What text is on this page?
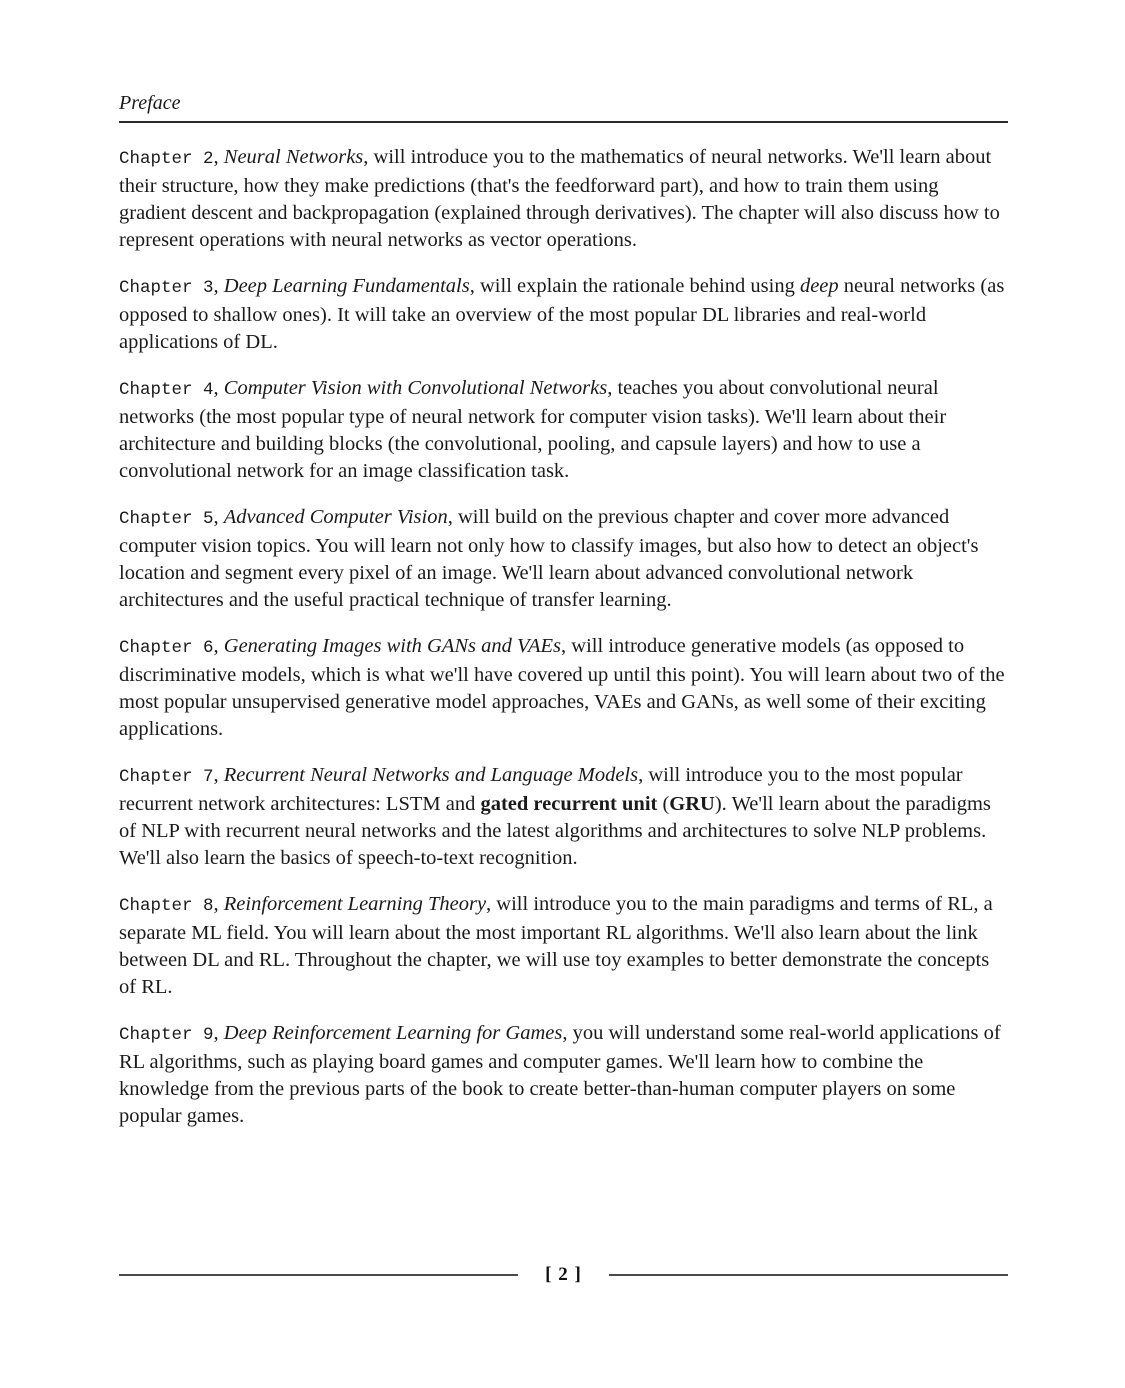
Preface

Chapter 2, Neural Networks, will introduce you to the mathematics of neural networks. We'll learn about their structure, how they make predictions (that's the feedforward part), and how to train them using gradient descent and backpropagation (explained through derivatives). The chapter will also discuss how to represent operations with neural networks as vector operations.

Chapter 3, Deep Learning Fundamentals, will explain the rationale behind using deep neural networks (as opposed to shallow ones). It will take an overview of the most popular DL libraries and real-world applications of DL.

Chapter 4, Computer Vision with Convolutional Networks, teaches you about convolutional neural networks (the most popular type of neural network for computer vision tasks). We'll learn about their architecture and building blocks (the convolutional, pooling, and capsule layers) and how to use a convolutional network for an image classification task.

Chapter 5, Advanced Computer Vision, will build on the previous chapter and cover more advanced computer vision topics. You will learn not only how to classify images, but also how to detect an object's location and segment every pixel of an image. We'll learn about advanced convolutional network architectures and the useful practical technique of transfer learning.

Chapter 6, Generating Images with GANs and VAEs, will introduce generative models (as opposed to discriminative models, which is what we'll have covered up until this point). You will learn about two of the most popular unsupervised generative model approaches, VAEs and GANs, as well some of their exciting applications.

Chapter 7, Recurrent Neural Networks and Language Models, will introduce you to the most popular recurrent network architectures: LSTM and gated recurrent unit (GRU). We'll learn about the paradigms of NLP with recurrent neural networks and the latest algorithms and architectures to solve NLP problems. We'll also learn the basics of speech-to-text recognition.

Chapter 8, Reinforcement Learning Theory, will introduce you to the main paradigms and terms of RL, a separate ML field. You will learn about the most important RL algorithms. We'll also learn about the link between DL and RL. Throughout the chapter, we will use toy examples to better demonstrate the concepts of RL.

Chapter 9, Deep Reinforcement Learning for Games, you will understand some real-world applications of RL algorithms, such as playing board games and computer games. We'll learn how to combine the knowledge from the previous parts of the book to create better-than-human computer players on some popular games.

[ 2 ]
